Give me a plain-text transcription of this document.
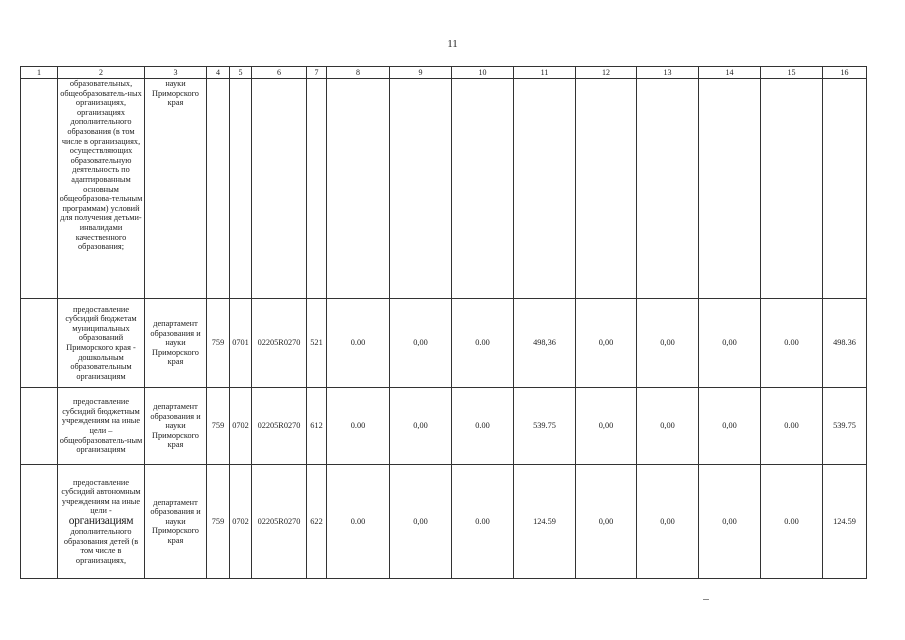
11
1	2	3	4	5	6	7	8	9	10	11	12	13	14	15	16
	образовательных, общеобразователь-ных организациях, организациях дополнительного образования (в том числе в организациях, осуществляющих образовательную деятельность по адаптированным основным общеобразова-тельным программам) условий для получения детьми-инвалидами качественного образования;	науки Приморского края													
	предоставление субсидий бюджетам муниципальных образований Приморского края - дошкольным образовательным организациям	департамент образования и науки Приморского края	759	0701	02205R0270	521	0.00	0,00	0.00	498,36	0,00	0,00	0,00	0.00	498.36
	предоставление субсидий бюджетным учреждениям на иные цели – общеобразователь-ным организациям	департамент образования и науки Приморского края	759	0702	02205R0270	612	0.00	0,00	0.00	539.75	0,00	0,00	0,00	0.00	539.75
	предоставление субсидий автономным учреждениям на иные цели -
организациям
дополнительного образования детей (в том числе в организациях,	департамент образования и науки Приморского края	759	0702	02205R0270	622	0.00	0,00	0.00	124.59	0,00	0,00	0,00	0.00	124.59
